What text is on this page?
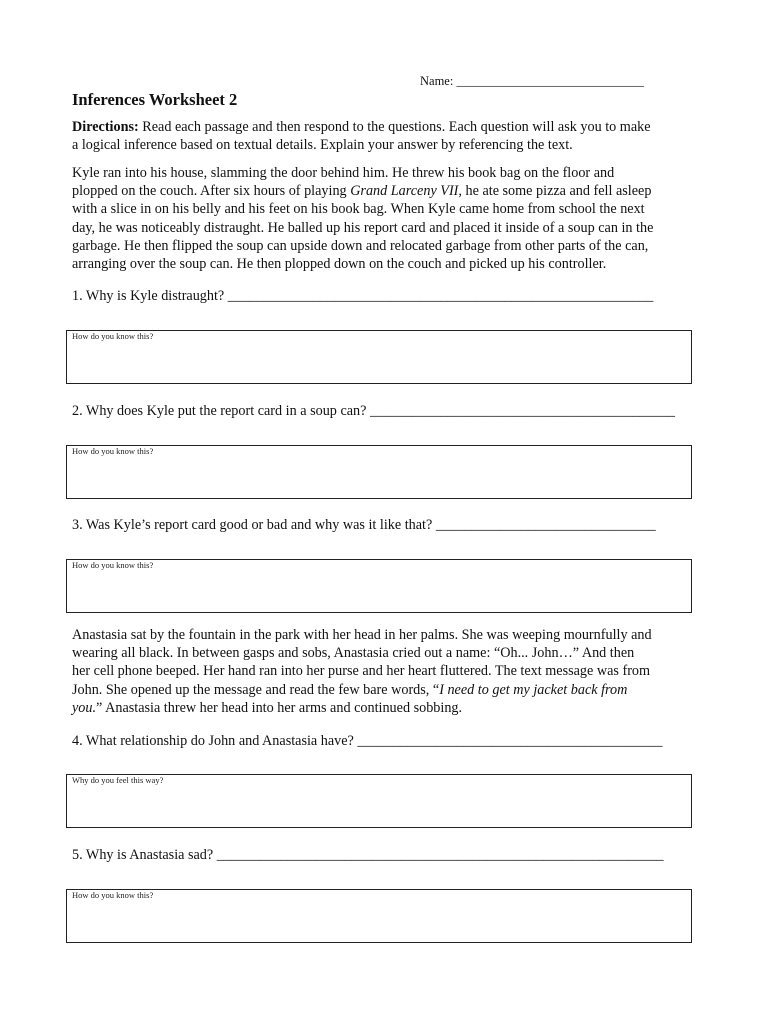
Name: ______________________________
Inferences Worksheet 2
Directions: Read each passage and then respond to the questions. Each question will ask you to make
a logical inference based on textual details. Explain your answer by referencing the text.
Kyle ran into his house, slamming the door behind him. He threw his book bag on the floor and
plopped on the couch. After six hours of playing Grand Larceny VII, he ate some pizza and fell asleep
with a slice in on his belly and his feet on his book bag. When Kyle came home from school the next
day, he was noticeably distraught. He balled up his report card and placed it inside of a soup can in the
garbage. He then flipped the soup can upside down and relocated garbage from other parts of the can,
arranging over the soup can. He then plopped down on the couch and picked up his controller.
1. Why is Kyle distraught? ____________________________________________________________
How do you know this?
2. Why does Kyle put the report card in a soup can? ___________________________________________
How do you know this?
3. Was Kyle’s report card good or bad and why was it like that? _______________________________
How do you know this?
Anastasia sat by the fountain in the park with her head in her palms. She was weeping mournfully and
wearing all black. In between gasps and sobs, Anastasia cried out a name: “Oh... John…” And then
her cell phone beeped. Her hand ran into her purse and her heart fluttered. The text message was from
John. She opened up the message and read the few bare words, “I need to get my jacket back from
you.” Anastasia threw her head into her arms and continued sobbing.
4. What relationship do John and Anastasia have? ___________________________________________
Why do you feel this way?
5. Why is Anastasia sad? _______________________________________________________________
How do you know this?
